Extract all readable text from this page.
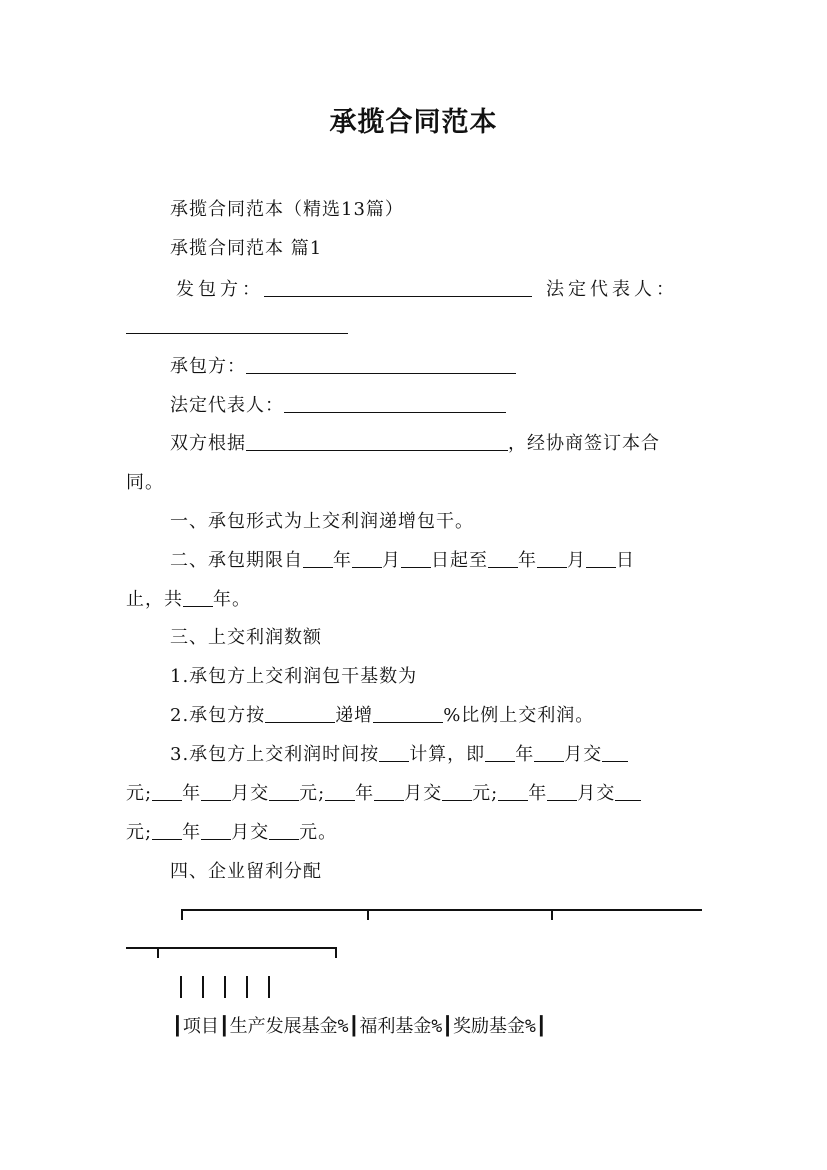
承揽合同范本
承揽合同范本（精选13篇）
承揽合同范本 篇1
发包方：	法定代表人：
承包方：
法定代表人：
双方根据	，经协商签订本合
同。
一、承包形式为上交利润递增包干。
二、承包期限自 年 月 日起至 年 月 日
止，共 年。
三、上交利润数额
1.承包方上交利润包干基数为
2.承包方按	递增	%比例上交利润。
3.承包方上交利润时间按 计算，即 年 月交
元; 年 月交 元; 年 月交 元; 年 月交
元; 年 月交 元。
四、企业留利分配
┃项目┃生产发展基金%┃福利基金%┃奖励基金%┃
